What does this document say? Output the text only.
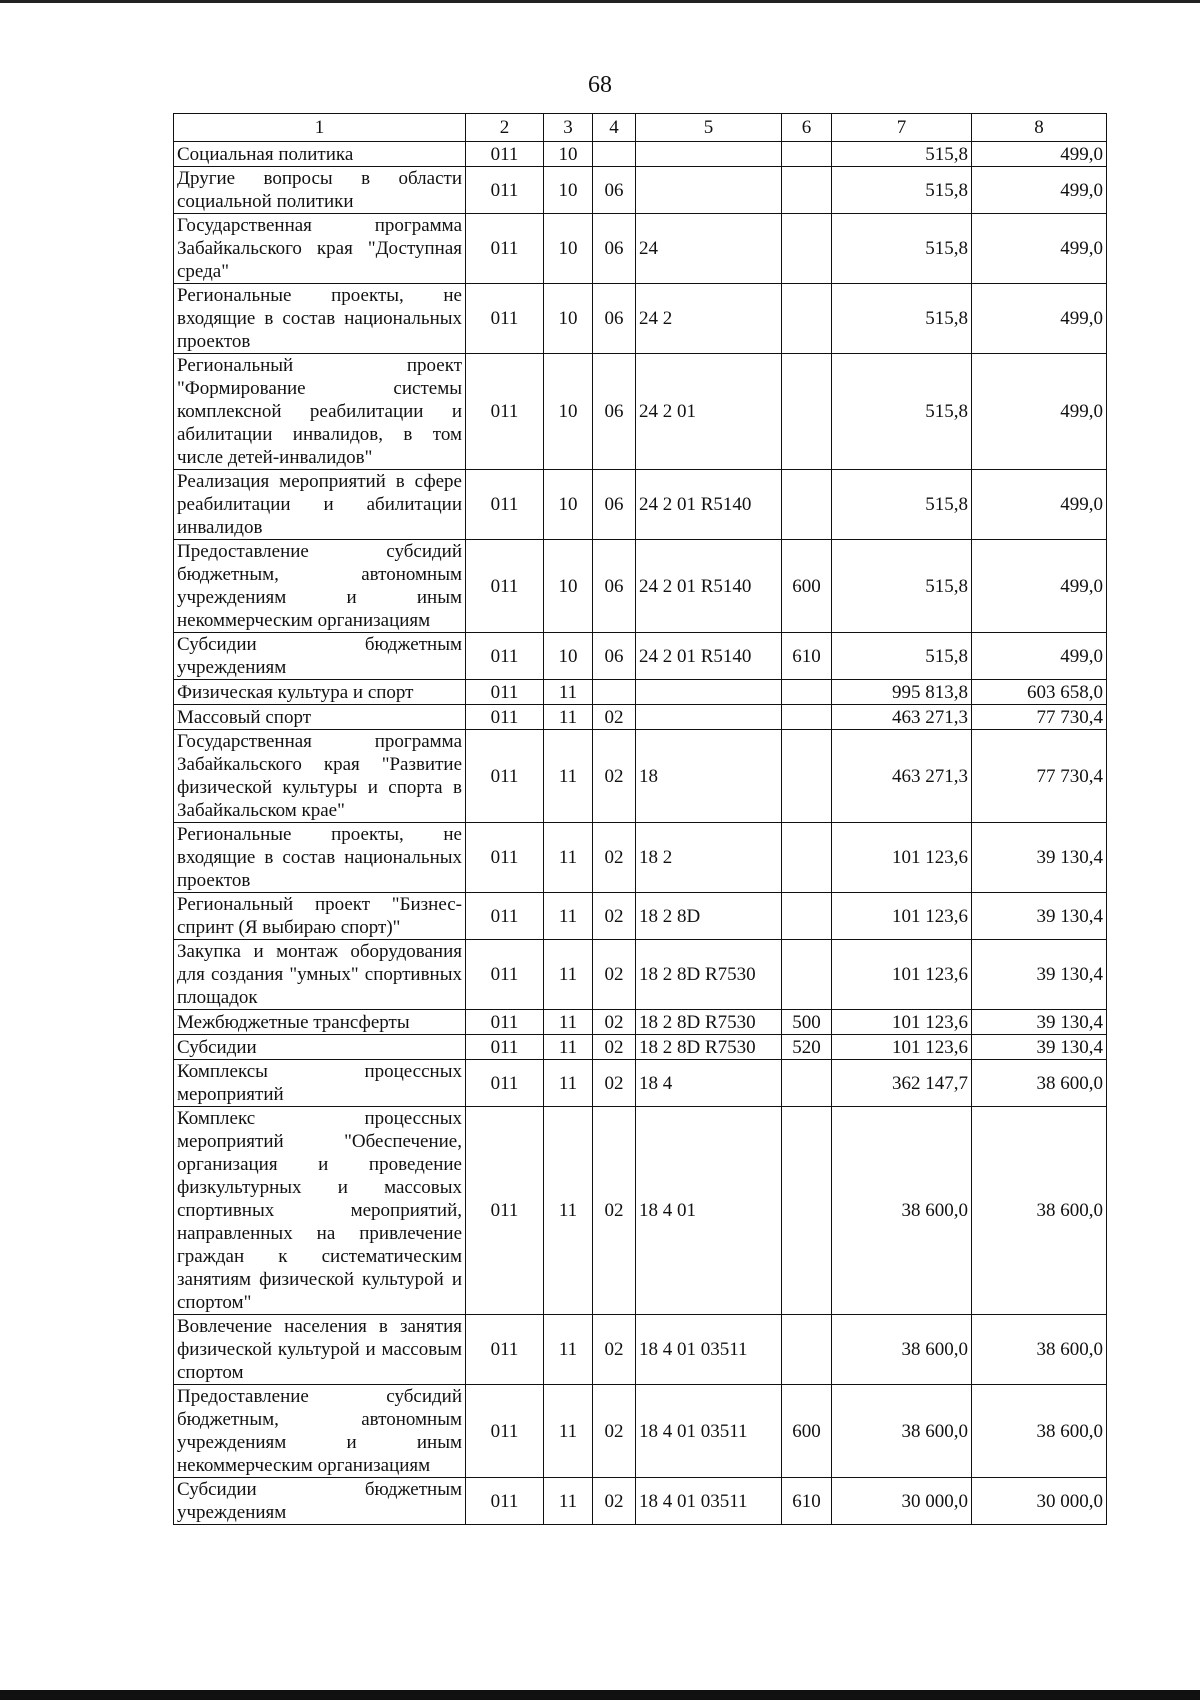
68
1	2	3	4	5	6	7	8
Социальная политика	011	10				515,8	499,0
Другие вопросы в области социальной политики	011	10	06			515,8	499,0
Государственная программа Забайкальского края "Доступная среда"	011	10	06	24		515,8	499,0
Региональные проекты, не входящие в состав национальных проектов	011	10	06	24 2		515,8	499,0
Региональный проект "Формирование системы комплексной реабилитации и абилитации инвалидов, в том числе детей-инвалидов"	011	10	06	24 2 01		515,8	499,0
Реализация мероприятий в сфере реабилитации и абилитации инвалидов	011	10	06	24 2 01 R5140		515,8	499,0
Предоставление субсидий бюджетным, автономным учреждениям и иным некоммерческим организациям	011	10	06	24 2 01 R5140	600	515,8	499,0
Субсидии бюджетным учреждениям	011	10	06	24 2 01 R5140	610	515,8	499,0
Физическая культура и спорт	011	11				995 813,8	603 658,0
Массовый спорт	011	11	02			463 271,3	77 730,4
Государственная программа Забайкальского края "Развитие физической культуры и спорта в Забайкальском крае"	011	11	02	18		463 271,3	77 730,4
Региональные проекты, не входящие в состав национальных проектов	011	11	02	18 2		101 123,6	39 130,4
Региональный проект "Бизнес-спринт (Я выбираю спорт)"	011	11	02	18 2 8D		101 123,6	39 130,4
Закупка и монтаж оборудования для создания "умных" спортивных площадок	011	11	02	18 2 8D R7530		101 123,6	39 130,4
Межбюджетные трансферты	011	11	02	18 2 8D R7530	500	101 123,6	39 130,4
Субсидии	011	11	02	18 2 8D R7530	520	101 123,6	39 130,4
Комплексы процессных мероприятий	011	11	02	18 4		362 147,7	38 600,0
Комплекс процессных мероприятий "Обеспечение, организация и проведение физкультурных и массовых спортивных мероприятий, направленных на привлечение граждан к систематическим занятиям физической культурой и спортом"	011	11	02	18 4 01		38 600,0	38 600,0
Вовлечение населения в занятия физической культурой и массовым спортом	011	11	02	18 4 01 03511		38 600,0	38 600,0
Предоставление субсидий бюджетным, автономным учреждениям и иным некоммерческим организациям	011	11	02	18 4 01 03511	600	38 600,0	38 600,0
Субсидии бюджетным учреждениям	011	11	02	18 4 01 03511	610	30 000,0	30 000,0
